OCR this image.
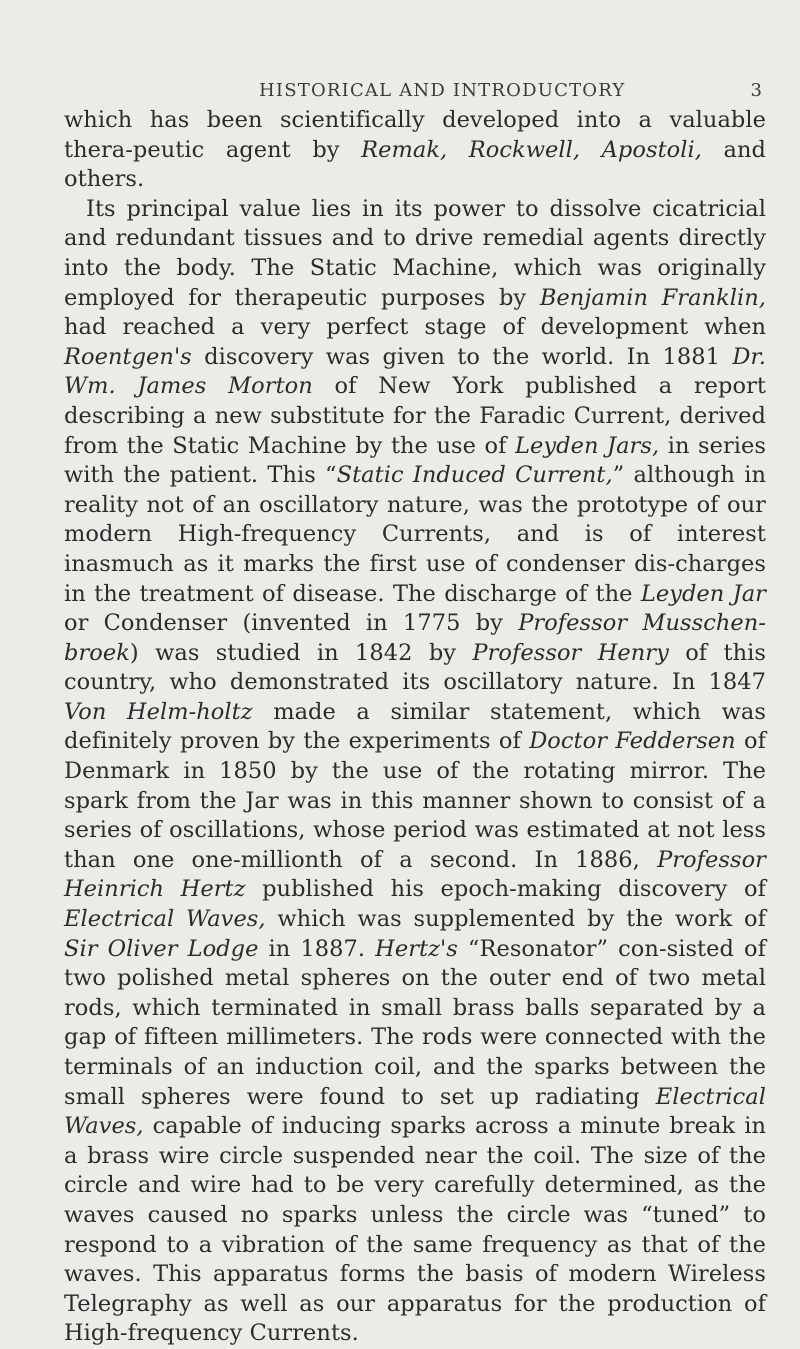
HISTORICAL AND INTRODUCTORY	3

which has been scientifically developed into a valuable thera-peutic agent by Remak, Rockwell, Apostoli, and others.

Its principal value lies in its power to dissolve cicatricial and redundant tissues and to drive remedial agents directly into the body. The Static Machine, which was originally employed for therapeutic purposes by Benjamin Franklin, had reached a very perfect stage of development when Roentgen's discovery was given to the world. In 1881 Dr. Wm. James Morton of New York published a report describing a new substitute for the Faradic Current, derived from the Static Machine by the use of Leyden Jars, in series with the patient. This “Static Induced Current,” although in reality not of an oscillatory nature, was the prototype of our modern High-frequency Currents, and is of interest inasmuch as it marks the first use of condenser dis-charges in the treatment of disease. The discharge of the Leyden Jar or Condenser (invented in 1775 by Professor Musschen-broek) was studied in 1842 by Professor Henry of this country, who demonstrated its oscillatory nature. In 1847 Von Helm-holtz made a similar statement, which was definitely proven by the experiments of Doctor Feddersen of Denmark in 1850 by the use of the rotating mirror. The spark from the Jar was in this manner shown to consist of a series of oscillations, whose period was estimated at not less than one one-millionth of a second. In 1886, Professor Heinrich Hertz published his epoch-making discovery of Electrical Waves, which was supplemented by the work of Sir Oliver Lodge in 1887. Hertz's “Resonator” con-sisted of two polished metal spheres on the outer end of two metal rods, which terminated in small brass balls separated by a gap of fifteen millimeters. The rods were connected with the terminals of an induction coil, and the sparks between the small spheres were found to set up radiating Electrical Waves, capable of inducing sparks across a minute break in a brass wire circle suspended near the coil. The size of the circle and wire had to be very carefully determined, as the waves caused no sparks unless the circle was “tuned” to respond to a vibration of the same frequency as that of the waves. This apparatus forms the basis of modern Wireless Telegraphy as well as our apparatus for the production of High-frequency Currents.
